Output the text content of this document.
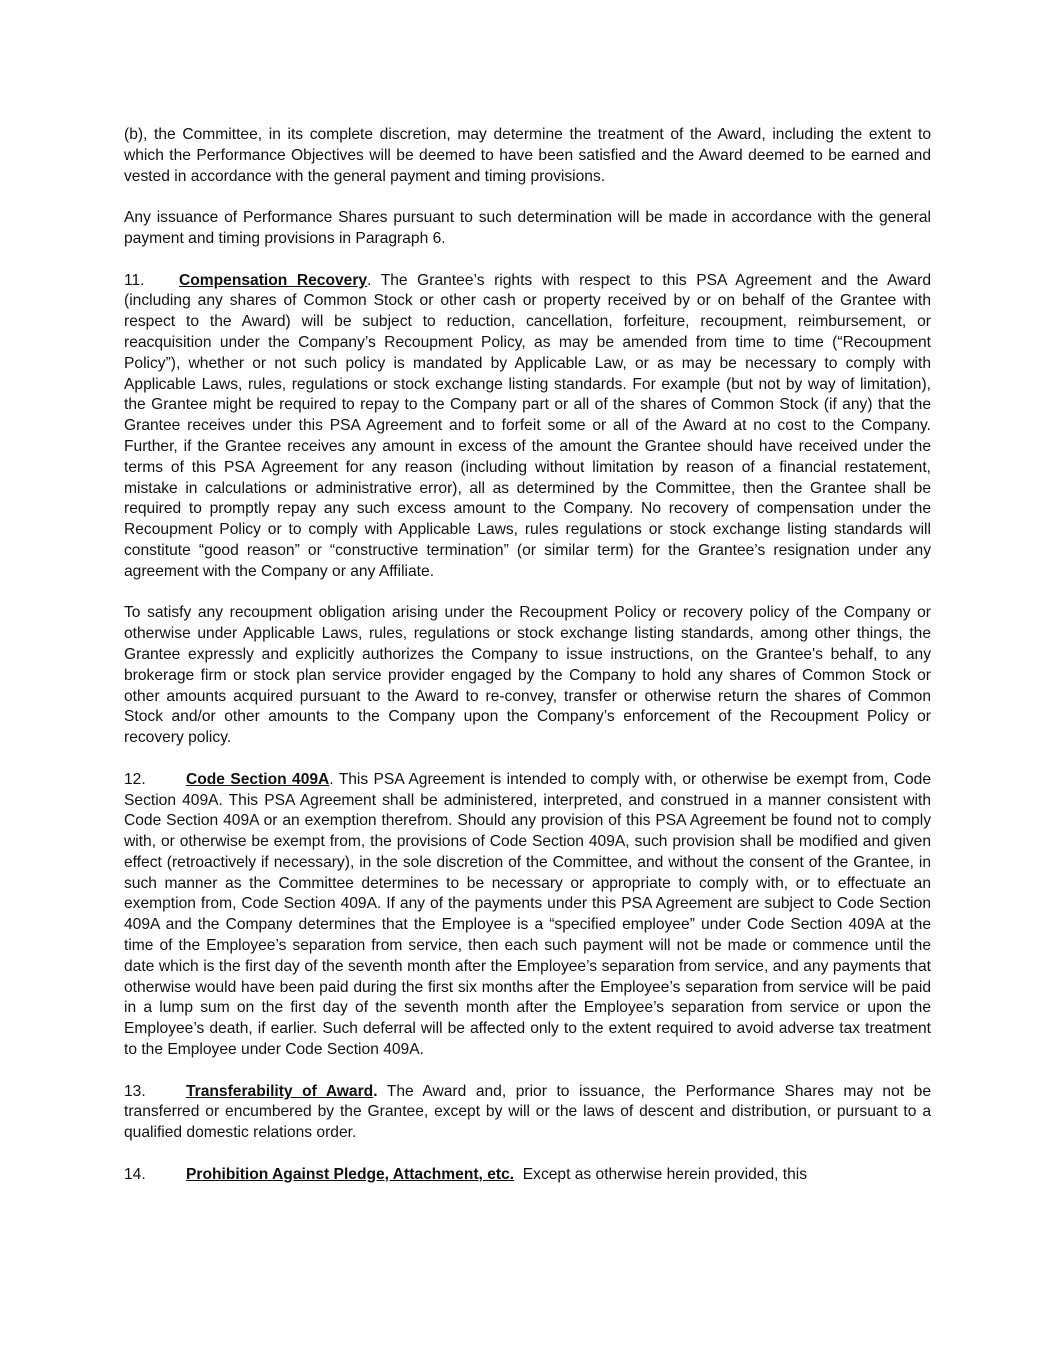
(b), the Committee, in its complete discretion, may determine the treatment of the Award, including the extent to which the Performance Objectives will be deemed to have been satisfied and the Award deemed to be earned and vested in accordance with the general payment and timing provisions.

Any issuance of Performance Shares pursuant to such determination will be made in accordance with the general payment and timing provisions in Paragraph 6.

11. Compensation Recovery. The Grantee’s rights with respect to this PSA Agreement and the Award (including any shares of Common Stock or other cash or property received by or on behalf of the Grantee with respect to the Award) will be subject to reduction, cancellation, forfeiture, recoupment, reimbursement, or reacquisition under the Company’s Recoupment Policy, as may be amended from time to time (“Recoupment Policy”), whether or not such policy is mandated by Applicable Law, or as may be necessary to comply with Applicable Laws, rules, regulations or stock exchange listing standards. For example (but not by way of limitation), the Grantee might be required to repay to the Company part or all of the shares of Common Stock (if any) that the Grantee receives under this PSA Agreement and to forfeit some or all of the Award at no cost to the Company. Further, if the Grantee receives any amount in excess of the amount the Grantee should have received under the terms of this PSA Agreement for any reason (including without limitation by reason of a financial restatement, mistake in calculations or administrative error), all as determined by the Committee, then the Grantee shall be required to promptly repay any such excess amount to the Company. No recovery of compensation under the Recoupment Policy or to comply with Applicable Laws, rules regulations or stock exchange listing standards will constitute “good reason” or “constructive termination” (or similar term) for the Grantee’s resignation under any agreement with the Company or any Affiliate.

To satisfy any recoupment obligation arising under the Recoupment Policy or recovery policy of the Company or otherwise under Applicable Laws, rules, regulations or stock exchange listing standards, among other things, the Grantee expressly and explicitly authorizes the Company to issue instructions, on the Grantee's behalf, to any brokerage firm or stock plan service provider engaged by the Company to hold any shares of Common Stock or other amounts acquired pursuant to the Award to re-convey, transfer or otherwise return the shares of Common Stock and/or other amounts to the Company upon the Company’s enforcement of the Recoupment Policy or recovery policy.

12.	Code Section 409A. This PSA Agreement is intended to comply with, or otherwise be exempt from, Code Section 409A. This PSA Agreement shall be administered, interpreted, and construed in a manner consistent with Code Section 409A or an exemption therefrom. Should any provision of this PSA Agreement be found not to comply with, or otherwise be exempt from, the provisions of Code Section 409A, such provision shall be modified and given effect (retroactively if necessary), in the sole discretion of the Committee, and without the consent of the Grantee, in such manner as the Committee determines to be necessary or appropriate to comply with, or to effectuate an exemption from, Code Section 409A. If any of the payments under this PSA Agreement are subject to Code Section 409A and the Company determines that the Employee is a “specified employee” under Code Section 409A at the time of the Employee’s separation from service, then each such payment will not be made or commence until the date which is the first day of the seventh month after the Employee’s separation from service, and any payments that otherwise would have been paid during the first six months after the Employee’s separation from service will be paid in a lump sum on the first day of the seventh month after the Employee’s separation from service or upon the Employee’s death, if earlier. Such deferral will be affected only to the extent required to avoid adverse tax treatment to the Employee under Code Section 409A.

13.	Transferability of Award. The Award and, prior to issuance, the Performance Shares may not be transferred or encumbered by the Grantee, except by will or the laws of descent and distribution, or pursuant to a qualified domestic relations order.

14.	Prohibition Against Pledge, Attachment, etc.  Except as otherwise herein provided, this
